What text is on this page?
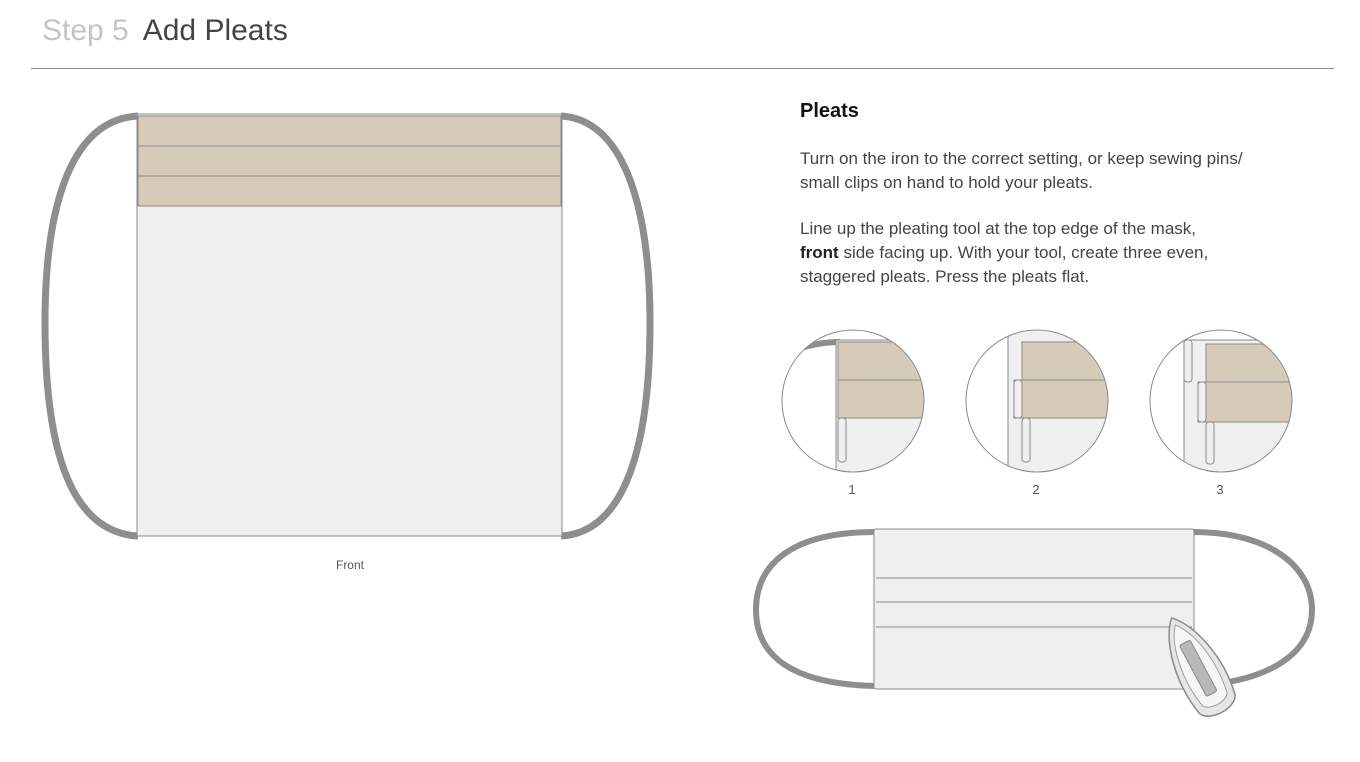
Step 5 Add Pleats
Front
Pleats

Turn on the iron to the correct setting, or keep sewing pins/ small clips on hand to hold your pleats.

Line up the pleating tool at the top edge of the mask,
front side facing up. With your tool, create three even, staggered pleats. Press the pleats flat.

1	2	3
